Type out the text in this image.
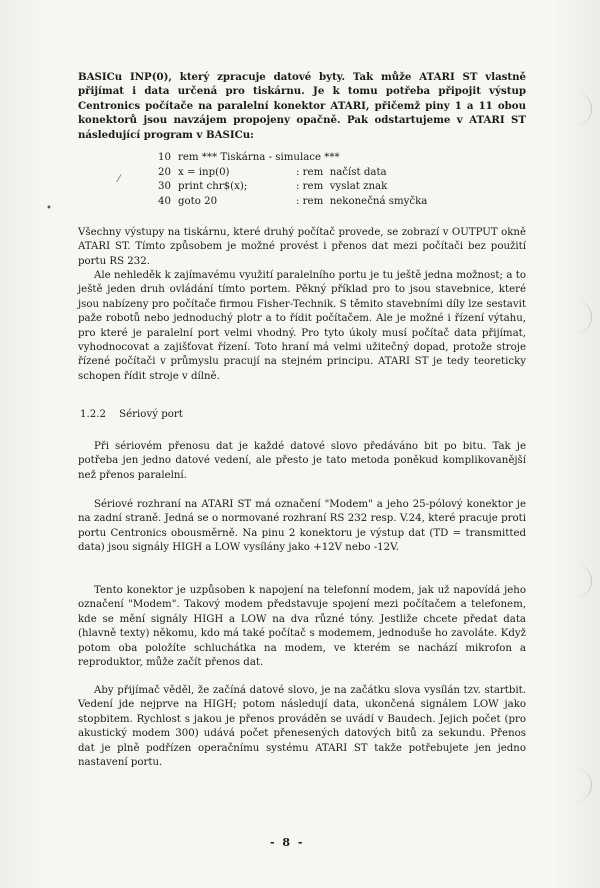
•
⁄

BASICu INP(0), který zpracuje datové byty. Tak může ATARI ST vlastně přijímat i data určená pro tiskárnu. Je k tomu potřeba připojit výstup Centronics počítače na paralelní konektor ATARI, přičemž piny 1 a 11 obou konektorů jsou navzájem propojeny opačně. Pak odstartujeme v ATARI ST následující program v BASICu:

10 rem *** Tiskárna - simulace ***
20 x = inp(0)	: rem  načíst data
30 print chr$(x);	: rem  vyslat znak
40 goto 20	: rem  nekonečná smyčka

Všechny výstupy na tiskárnu, které druhý počítač provede, se zobrazí v OUTPUT okně ATARI ST. Tímto způsobem je možné provést i přenos dat mezi počítači bez použití portu RS 232.

Ale nehleděk k zajímavému využití paralelního portu je tu ještě jedna možnost; a to ještě jeden druh ovládání tímto portem. Pěkný příklad pro to jsou stavebnice, které jsou nabízeny pro počítače firmou Fisher-Technik. S těmito stavebními díly lze sestavit paže robotů nebo jednoduchý plotr a to řídit počítačem. Ale je možné i řízení výtahu, pro které je paralelní port velmi vhodný. Pro tyto úkoly musí počítač data přijímat, vyhodnocovat a zajišťovat řízení. Toto hraní má velmi užitečný dopad, protože stroje řízené počítači v průmyslu pracují na stejném principu. ATARI ST je tedy teoreticky schopen řídit stroje v dílně.

1.2.2 Sériový port

Při sériovém přenosu dat je každé datové slovo předáváno bit po bitu. Tak je potřeba jen jedno datové vedení, ale přesto je tato metoda poněkud komplikovanější než přenos paralelní.

Sériové rozhraní na ATARI ST má označení "Modem" a jeho 25-pólový konektor je na zadní straně. Jedná se o normované rozhraní RS 232 resp. V.24, které pracuje proti portu Centronics obousměrně. Na pinu 2 konektoru je výstup dat (TD = transmitted data) jsou signály HIGH a LOW vysílány jako +12V nebo -12V.

Tento konektor je uzpůsoben k napojení na telefonní modem, jak už napovídá jeho označení "Modem". Takový modem představuje spojení mezi počítačem a telefonem, kde se mění signály HIGH a LOW na dva různé tóny. Jestliže chcete předat data (hlavně texty) někomu, kdo má také počítač s modemem, jednoduše ho zavoláte. Když potom oba položíte schluchátka na modem, ve kterém se nachází mikrofon a reproduktor, může začít přenos dat.

Aby přijímač věděl, že začíná datové slovo, je na začátku slova vysílán tzv. startbit. Vedení jde nejprve na HIGH; potom následují data, ukončená signálem LOW jako stopbitem. Rychlost s jakou je přenos prováděn se uvádí v Baudech. Jejich počet (pro akustický modem 300) udává počet přenesených datových bitů za sekundu. Přenos dat je plně podřízen operačnímu systému ATARI ST takže potřebujete jen jedno nastavení portu.

- 8 -
